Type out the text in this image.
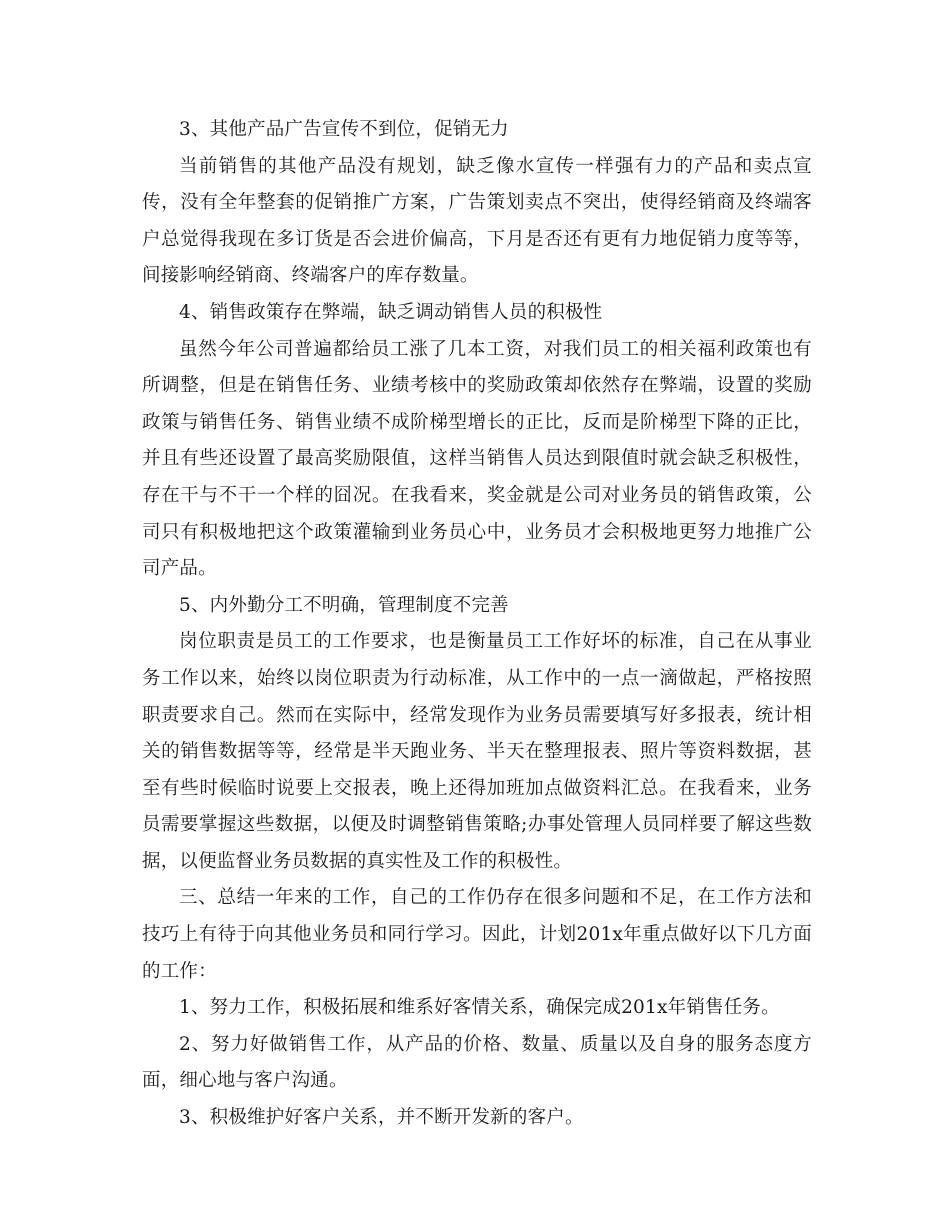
3、其他产品广告宣传不到位，促销无力

当前销售的其他产品没有规划，缺乏像水宣传一样强有力的产品和卖点宣传，没有全年整套的促销推广方案，广告策划卖点不突出，使得经销商及终端客户总觉得我现在多订货是否会进价偏高，下月是否还有更有力地促销力度等等，间接影响经销商、终端客户的库存数量。

4、销售政策存在弊端，缺乏调动销售人员的积极性

虽然今年公司普遍都给员工涨了几本工资，对我们员工的相关福利政策也有所调整，但是在销售任务、业绩考核中的奖励政策却依然存在弊端，设置的奖励政策与销售任务、销售业绩不成阶梯型增长的正比，反而是阶梯型下降的正比，并且有些还设置了最高奖励限值，这样当销售人员达到限值时就会缺乏积极性，存在干与不干一个样的囧况。在我看来，奖金就是公司对业务员的销售政策，公司只有积极地把这个政策灌输到业务员心中，业务员才会积极地更努力地推广公司产品。

5、内外勤分工不明确，管理制度不完善

岗位职责是员工的工作要求，也是衡量员工工作好坏的标准，自己在从事业务工作以来，始终以岗位职责为行动标准，从工作中的一点一滴做起，严格按照职责要求自己。然而在实际中，经常发现作为业务员需要填写好多报表，统计相关的销售数据等等，经常是半天跑业务、半天在整理报表、照片等资料数据，甚至有些时候临时说要上交报表，晚上还得加班加点做资料汇总。在我看来，业务员需要掌握这些数据，以便及时调整销售策略;办事处管理人员同样要了解这些数据，以便监督业务员数据的真实性及工作的积极性。

三、总结一年来的工作，自己的工作仍存在很多问题和不足，在工作方法和技巧上有待于向其他业务员和同行学习。因此，计划201x年重点做好以下几方面的工作：

1、努力工作，积极拓展和维系好客情关系，确保完成201x年销售任务。

2、努力好做销售工作，从产品的价格、数量、质量以及自身的服务态度方面，细心地与客户沟通。

3、积极维护好客户关系，并不断开发新的客户。
